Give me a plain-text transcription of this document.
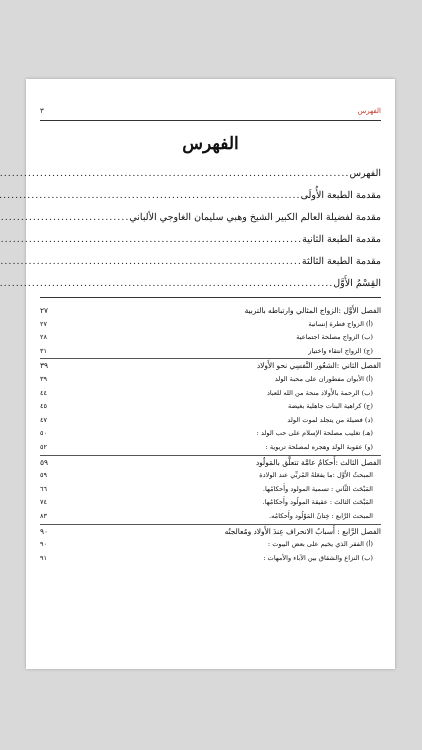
الفهرس
٣
الفهرس
الفهرس
.....
مقدمة الطبعة الأُولَى
.....
مقدمة لفضيلة العالم الكبير الشيخ وهبي سليمان الغاوجي الألباني
.....
مقدمة الطبعة الثانية
.....
مقدمة الطبعة الثالثة
.....
القِسْمُ الأَوَّل
.....
الفصل الأَوَّل :الزواج المثالي وارتباطه بالتربية
٢٧
(أ) الزواج فطرة إنسانية
٢٧
(ب) الزواج مصلحة اجتماعية
٢٨
(ج) الزواج انتقاء واختيار
٣١
الفصل الثاني :الشعُور النَّفسِي نحو الأَولاد
٣٩
(أ) الأبوان مفطوران على محبة الولد
٣٩
(ب) الرحمة بالأَولاد منحة من الله للعباد
٤٤
(ج) كراهية البنات جاهلية بغيضة
٤٥
(د) فضيلة من يتجلد لموت الولد
٤٧
(هـ) تغليب مصلحة الإسلام على حب الولد :
٥٠
(و) عقوبة الولد وهجره لمصلحة تربوية :
٥٢
الفصل الثالث :أَحكامٌ عامَّة تتعلَّق بالمَولُود
٥٩
المبحثُ الأَوَّل :ما يفعَلهُ المُربِّي عند الولادة
٥٩
المَبْحَث الثَّاني : تسمية المولود وأَحكامُها.
٦٦
المَبْحَث الثالث : عقيقة المولُود وأَحكامُها.
٧٤
المبحث الرَّابع : خِتانُ المَوْلُود وأَحكامُه.
٨٣
الفصل الرَّابع : أَسبابُ الانحراف عِندَ الأَولاد ومُعالجتُه
٩٠
(أ) الفقر الذي يخيم على بعض البيوت :
٩٠
(ب) النزاع والشقاق بين الآباء والأمهات :
٩١
